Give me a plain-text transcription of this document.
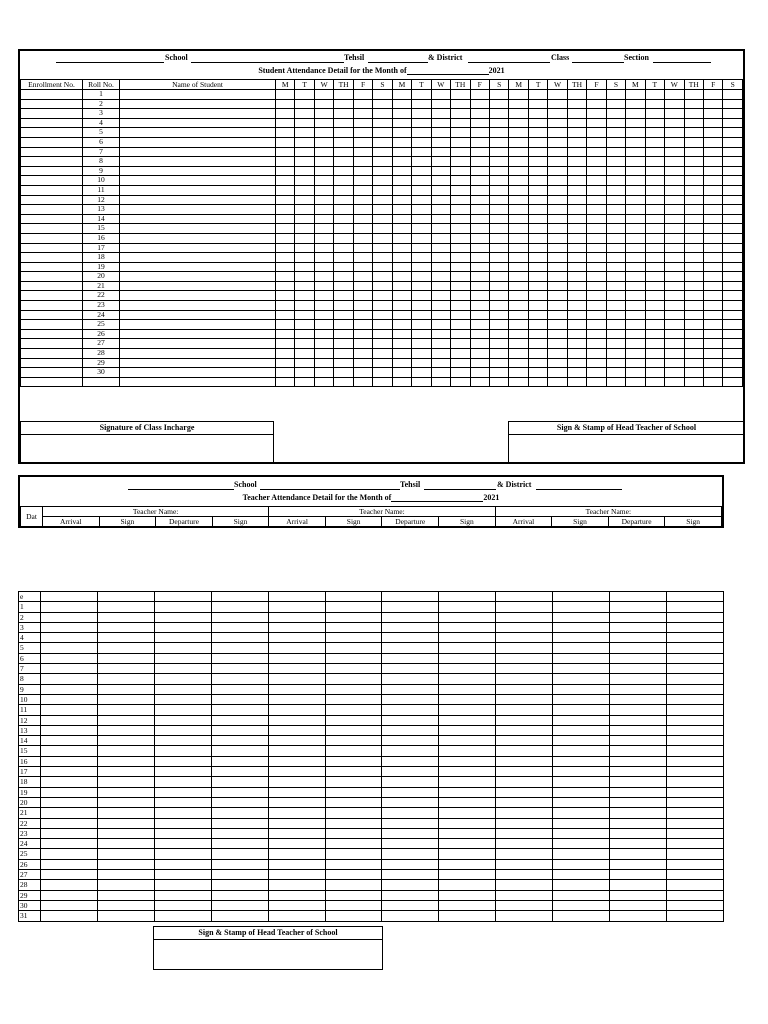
School	Tehsil	& District	Class	Section
Student Attendance Detail for the Month of	2021
Enrollment No.	Roll No.	Name of Student	M	T	W	TH	F	S	M	T	W	TH	F	S	M	T	W	TH	F	S	M	T	W	TH	F	S
	1																									
	2																									
	3																									
	4																									
	5																									
	6																									
	7																									
	8																									
	9																									
	10																									
	11																									
	12																									
	13																									
	14																									
	15																									
	16																									
	17																									
	18																									
	19																									
	20																									
	21																									
	22																									
	23																									
	24																									
	25																									
	26																									
	27																									
	28																									
	29																									
	30																									

Signature of Class Incharge	Sign & Stamp of Head Teacher of School
School	Tehsil	& District
Teacher Attendance Detail for the Month of	2021
Dat	Teacher Name:				Teacher Name:				Teacher Name:			
	Arrival	Sign	Departure	Sign	Arrival	Sign	Departure	Sign	Arrival	Sign	Departure	Sign
e												
1												
2												
3												
4												
5												
6												
7												
8												
9												
10												
11												
12												
13												
14												
15												
16												
17												
18												
19												
20												
21												
22												
23												
24												
25												
26												
27												
28												
29												
30												
31												
Sign & Stamp of Head Teacher of School
